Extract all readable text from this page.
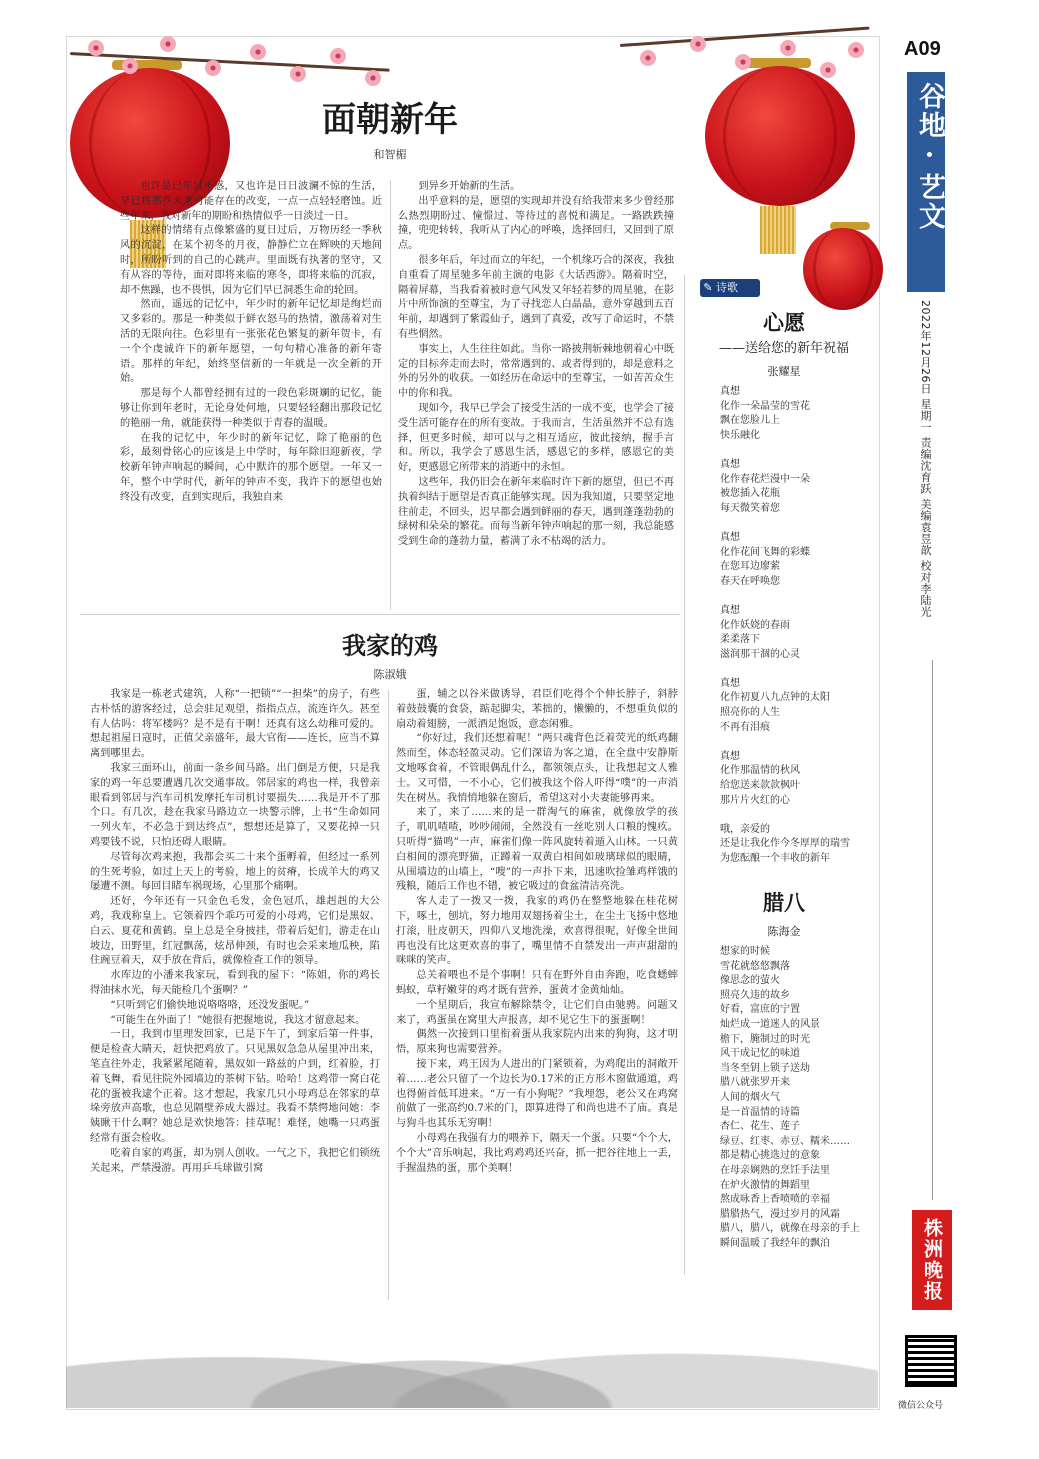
面朝新年
和智楣

也许是已年过不惑，又也许是日日波澜不惊的生活，早已将那些未来可能存在的改变，一点一点轻轻磨蚀。近些年来，我对新年的期盼和热情似乎一日淡过一日。

这样的情绪有点像繁盛的夏日过后，万物历经一季秋风的沉淀，在某个初冬的月夜，静静伫立在辉映的天地间时，所盼听到的自己的心跳声。里面既有执著的坚守，又有从容的等待，面对即将来临的寒冬，即将来临的沉寂，却不焦躁，也不畏惧，因为它们早已洞悉生命的轮回。

然而，遥远的记忆中，年少时的新年记忆却是绚烂而又多彩的。那是一种类似于鲜衣怒马的热情，激荡着对生活的无限向往。色彩里有一张张花色繁复的新年贺卡，有一个个虔诚许下的新年愿望，一句句精心准备的新年寄语。那样的年纪，始终坚信新的一年就是一次全新的开始。

那是每个人都曾经拥有过的一段色彩斑斓的记忆，能够让你到年老时，无论身处何地，只要轻轻翻出那段记忆的艳丽一角，就能获得一种类似于青春的温暖。

在我的记忆中，年少时的新年记忆，除了艳丽的色彩，最刻骨铭心的应该是上中学时，每年除旧迎新夜，学校新年钟声响起的瞬间，心中默许的那个愿望。一年又一年，整个中学时代，新年的钟声不变，我许下的愿望也始终没有改变，直到实现后，我独自来

到异乡开始新的生活。

出乎意料的是，愿望的实现却并没有给我带来多少曾经那么热烈期盼过、憧憬过、等待过的喜悦和满足。一路跌跌撞撞，兜兜转转，我听从了内心的呼唤，选择回归，又回到了原点。

很多年后，年过而立的年纪，一个机缘巧合的深夜，我独自重看了周星驰多年前主演的电影《大话西游》。隔着时空，隔着屏幕，当我看着被时意气风发又年轻若梦的周星驰，在影片中所饰演的至尊宝，为了寻找恋人白晶晶，意外穿越到五百年前，却遇到了紫霞仙子，遇到了真爱，改写了命运时，不禁有些惘然。

事实上，人生往往如此。当你一路披荆斩棘地朝着心中既定的目标奔走而去时，常常遇到的、或者得到的，却是意料之外的另外的收获。一如经历在命运中的至尊宝，一如苦苦众生中的你和我。

现如今，我早已学会了接受生活的一成不变，也学会了接受生活可能存在的所有变故。于我而言，生活虽然并不总有选择，但更多时候，却可以与之相互适应，彼此接纳，握手言和。所以，我学会了感恩生活，感恩它的多样，感恩它的美好，更感恩它所带来的消逝中的永恒。

这些年，我仍旧会在新年来临时许下新的愿望，但已不再执着纠结于愿望是否真正能够实现。因为我知道，只要坚定地往前走，不回头，迟早都会遇到鲜丽的春天，遇到蓬蓬勃勃的绿树和朵朵的繁花。而每当新年钟声响起的那一刻，我总能感受到生命的蓬勃力量，蓄满了永不枯竭的活力。

我家的鸡
陈淑娥

我家是一栋老式建筑，人称“一把锁”“一担柴”的房子，有些古朴恬的游客经过，总会驻足观望，指指点点，流连许久。甚至有人估吗：将军楼吗？是不是有干啊！还真有这么幼稚可爱的。想起祖屋日寇时，正值父亲盛年，最大官衔——连长，应当不算离到哪里去。

我家三面环山，前面一条乡间马路。出门倒是方便，只是我家的鸡一年总要遭遇几次交通事故。邻居家的鸡也一样，我曾亲眼看到邻居与汽车司机发摩托车司机讨要损失……我是开不了那个口。有几次，趁在我家马路边立一块警示牌，上书“生命如同一列火车，不必急于到达终点”，想想还是算了，又要花掉一只鸡要钱不说，只怕还碍人眼睛。

尽管每次鸡来抱，我都会买二十来个蛋孵着，但经过一系列的生死考验，如过上天上的考验，地上的贫瘠，长成羊大的鸡又屡遭不测。每回目睹车祸现场，心里那个痛啊。

还好，今年还有一只金色毛发，金色冠爪，雄赳赳的大公鸡，我戏称皇上。它领着四个乖巧可爱的小母鸡，它们是黑奴、白云、夏花和黄鹤。皇上总是全身披挂，带着后妃们，游走在山坡边，田野里，红冠飘荡，炫昂伸颈，有时也会采来地瓜秧，陷住豌豆着天，双手放在背后，就像检查工作的领导。

水库边的小潘来我家玩，看到我的屋下：“陈姐，你的鸡长得油抹水光，每天能检几个蛋啊？”

“只听到它们偷快地说咯咯咯，还没发蛋呢。”

“可能生在外面了！”她很有把握地说，我这才留意起来。

一日，我到市里理发回家，已是下午了，到家后第一件事，便是检查大睛天，赶快把鸡放了。只见黑奴急急从屋里冲出来，笔直往外走，我紧紧尾随着，黑奴如一路兹的户到，红着脸，打着飞舞，看见往院外园墙边的茶树下钻。哈哈！这鸡带一窝白花花的蛋被我逮个正着。这才想起，我家几只小母鸡总在邻家的草垛旁放声高歌，也总见隔壁养成大器过。我看不禁愕地问她：李姨瞅干什么啊？她总是欢快地答：挂草呢！难怪，她嘴一只鸡蛋经常有蛋会检收。

吃着自家的鸡蛋，却为别人创收。一气之下，我把它们锁统关起来，严禁漫游。再用乒乓球做引窝

蛋，辅之以谷米做诱导，君臣们吃得个个伸长脖子，斜脖着鼓鼓囊的食袋，踮起脚尖，苯拙的，懒懒的，不想重负似的扇动着翅膀，一派酒足饱饭，意态闲雅。

“你好过，我们还想着呢！”两只魂背色泛着荧光的纸鸡翻然而至，体态轻盈灵动。它们深谙为客之道，在全盘中安静斯文地啄食着，不管眼偶乱什么，都领领点头，让我想起文人雅士。又可惜，一不小心，它们被我这个俗人吓得“噗”的一声消失在树丛。我悄悄地躲在窗后，希望这对小夫妻能够再来。

来了，来了……来的是一群淘气的麻雀，就像放学的孩子，叽叽喳喳，吵吵闹闹，全然没有一丝吃别人口粮的愧疚。只听得“猫鸣”一声，麻雀们像一阵风旋转着遁入山林。一只黄白相间的漂亮野猫，正蹲着一双黄白相间如玻璃球似的眼睛，从围墙边的山墙上，“嗖”的一声扑下来，迅速吹捡雏鸡样饿的残粮，随后工作也不错，被它吸过的食盆清洁亮洗。

客人走了一拨又一拨，我家的鸡仍在整整地躲在桂花树下，啄土，刨坑，努力地用双翅扬着尘土，在尘土飞扬中悠地打滚，肚皮朝天，四仰八叉地洗澡，欢喜得很呢，好像全世间再也没有比这更欢喜的事了，嘴里情不自禁发出一声声甜甜的咪咪的笑声。

总关着喂也不是个事啊！只有在野外自由奔跑，吃食蟋蟀蚂蚁，草籽嫩芽的鸡才既有营养，蛋黄才金黄灿灿。

一个星期后，我宣布解除禁令，让它们自由驰骋。问题又来了，鸡蛋虽在窝里大声报喜，却不见它生下的蛋蛋啊！

偶然一次接到口里衔着蛋从我家院内出来的狗狗，这才明悟，原来狗也需要营养。

接下来，鸡王因为人进出的门紧锁着，为鸡爬出的洞敞开着……老公只留了一个边长为0.17米的正方形木窗做通道，鸡也得俯首低耳进来。“万一有小狗呢？”我埋怨，老公又在鸡窝前做了一张高约0.7米的门，即算进得了和尚也进不了庙。真是与狗斗也其乐无穷啊！

小母鸡在我强有力的喂养下，隔天一个蛋。只要“个个大，个个大”音乐响起，我比鸡鸡鸡还兴奋，抓一把谷往地上一丢，手握温热的蛋，那个美啊！

✎ 诗歌
心愿
——送给您的新年祝福
张耀星
真想
化作一朵晶莹的雪花
飘在您脸儿上
快乐融化

真想
化作春花烂漫中一朵
被您插入花瓶
每天微笑着您

真想
化作花间飞舞的彩蝶
在您耳边廖萦
春天在呼唤您

真想
化作妖娆的春雨
柔柔落下
滋润那干涸的心灵

真想
化作初夏八九点钟的太阳
照亮你的人生
不再有泪痕

真想
化作那温情的秋风
给您送来款款枫叶
那片片火红的心

哦，亲爱的
还是让我化作今冬厚厚的瑞雪
为您酝酿一个丰收的新年
腊八
陈海金
想家的时候
雪花就悠悠飘落
像思念的萤火
照亮久违的故乡
好看，富庶的宁置
灿烂成一道迷人的风景
檐下，腌制过的时光
风干成记忆的味道
当冬至钥上锁子送劫
腊八就张罗开来
人间的烟火气
是一首温情的诗篇
杏仁、花生、莲子
绿豆、红枣、赤豆、糯米……
都是精心挑选过的意象
在母亲娴熟的烹饪手法里
在炉火激情的舞蹈里
熬成咏香上香喷喷的幸福
腊腊热气，漫过岁月的风霜
腊八，腊八，就像在母亲的手上
瞬间温暖了我经年的飘泊
A09
谷地·艺文
2022年12月26日 星期一 责编沈育跃 美编袁昱歆 校对李陆光
株洲晚报
微信公众号
